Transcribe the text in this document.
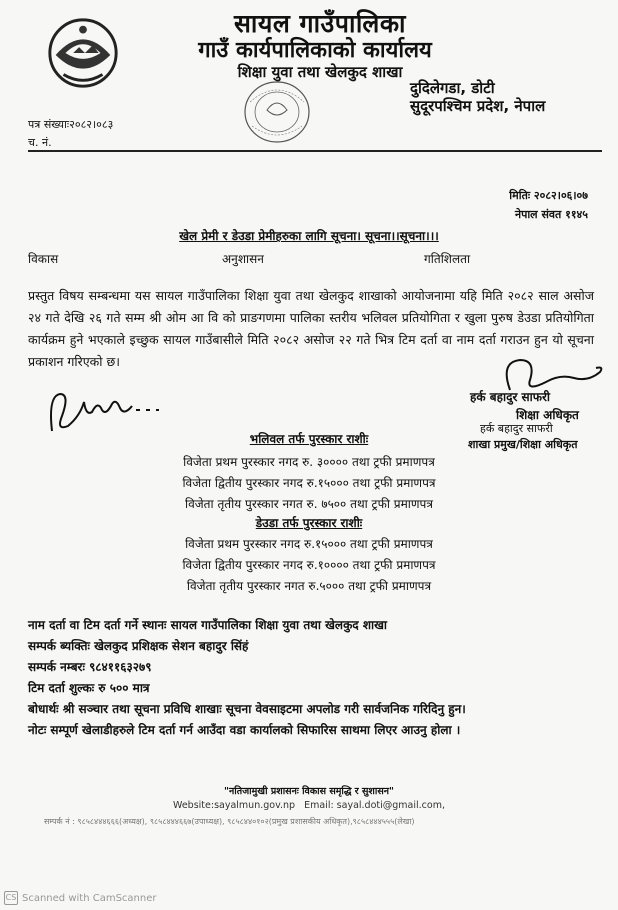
सायल गाउँपालिका
गाउँ कार्यपालिकाको कार्यालय
शिक्षा युवा तथा खेलकुद शाखा
दुदिलेगडा, डोटी
सुदूरपश्चिम प्रदेश, नेपाल
पत्र संख्याः२०८२।०८३
च. नं.
मितिः २०८२।०६।०७
नेपाल संवत ११४५
खेल प्रेमी र डेउडा प्रेमीहरुका लागि सूचना। सूचना।।सूचना।।।
विकास	अनुशासन	गतिशिलता
प्रस्तुत विषय सम्बन्धमा यस सायल गाउँपालिका शिक्षा युवा तथा खेलकुद शाखाको आयोजनामा यहि मिति २०८२ साल असोज २४ गते देखि २६ गते सम्म श्री ओम आ वि को प्राङगणमा पालिका स्तरीय भलिवल प्रतियोगिता र खुला पुरुष डेउडा प्रतियोगिता कार्यक्रम हुने भएकाले इच्छुक सायल गाउँबासीले मिति २०८२ असोज २२ गते भित्र टिम दर्ता वा नाम दर्ता गराउन हुन यो सूचना प्रकाशन गरिएको छ।
हर्क बहादुर साफरी
शिक्षा अधिकृत
हर्क बहादुर साफरी
शाखा प्रमुख/शिक्षा अधिकृत
भलिवल तर्फ पुरस्कार राशीः
विजेता प्रथम पुरस्कार नगद रु. ३०००० तथा ट्रफी प्रमाणपत्र
विजेता द्वितीय पुरस्कार नगद रु.१५००० तथा ट्रफी प्रमाणपत्र
विजेता तृतीय पुरस्कार नगत रु. ७५०० तथा ट्रफी प्रमाणपत्र
डेउडा तर्फ पुरस्कार राशीः
विजेता प्रथम पुरस्कार नगद रु.१५००० तथा ट्रफी प्रमाणपत्र
विजेता द्वितीय पुरस्कार नगद रु.१०००० तथा ट्रफी प्रमाणपत्र
विजेता तृतीय पुरस्कार नगत रु.५००० तथा ट्रफी प्रमाणपत्र
नाम दर्ता वा टिम दर्ता गर्ने स्थानः सायल गाउँपालिका शिक्षा युवा तथा खेलकुद शाखा
सम्पर्क ब्यक्तिः खेलकुद प्रशिक्षक सेशन बहादुर सिंहं
सम्पर्क नम्बरः ९८४११६३२७९
टिम दर्ता शुल्कः रु ५०० मात्र
बोधार्थः श्री सञ्चार तथा सूचना प्रविधि शाखाः सूचना वेवसाइटमा अपलोड गरी सार्वजनिक गरिदिनु हुन।
नोटः सम्पूर्ण खेलाडीहरुले टिम दर्ता गर्न आउँदा वडा कार्यालको सिफारिस साथमा लिएर आउनु होला ।
"नतिजामुखी प्रशासनः विकास समृद्धि र सुशासन"
Website:sayalmun.gov.np Email: sayal.doti@gmail.com,
सम्पर्क नं : ९८५८४४४६६६(अध्यक्ष), ९८५८४४४६६७(उपाध्यक्ष), ९८५८४४०१०२(प्रमुख प्रशासकीय अधिकृत),९८५८४४४५५५(लेखा)
CS Scanned with CamScanner
